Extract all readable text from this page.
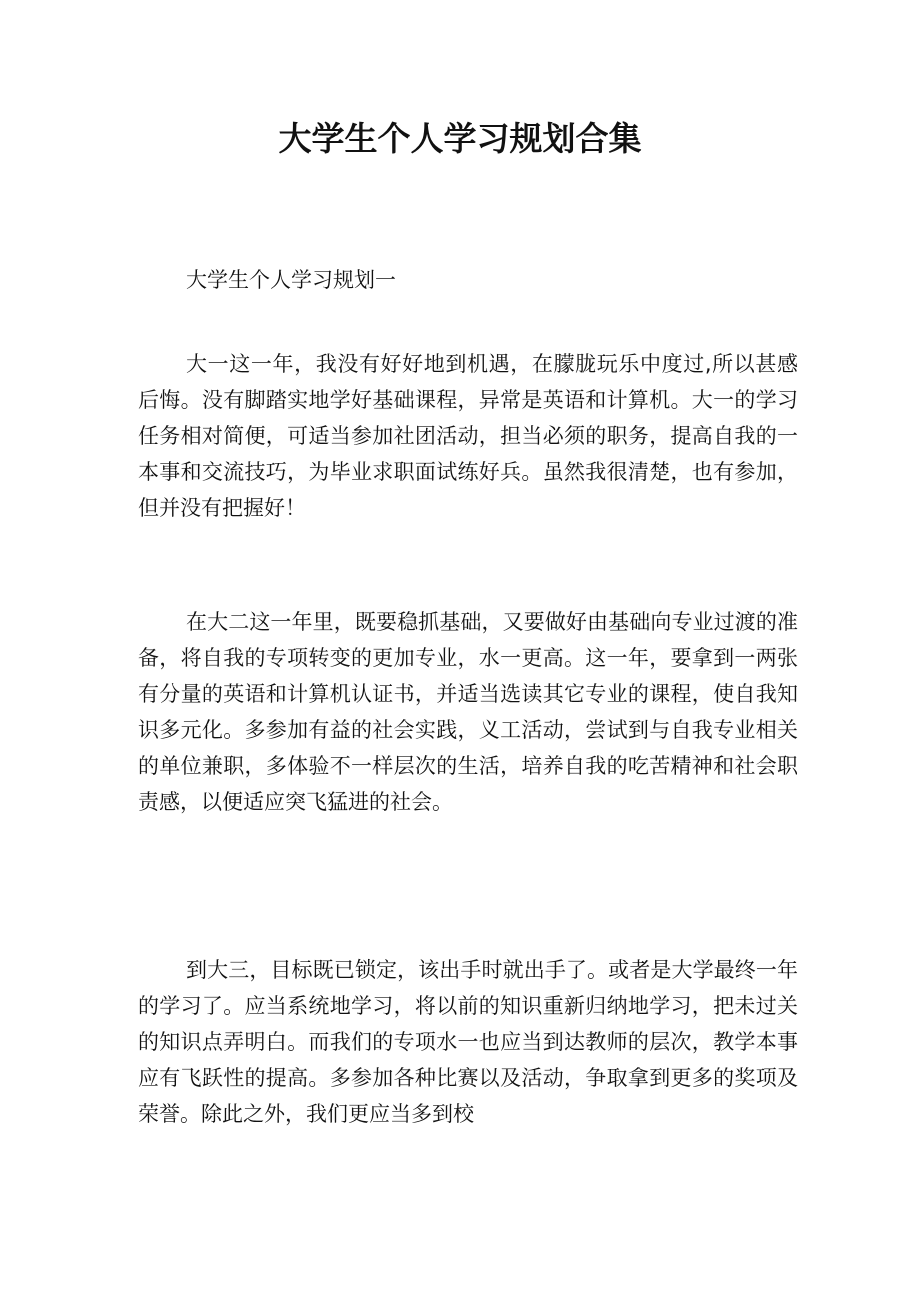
大学生个人学习规划合集

大学生个人学习规划一

大一这一年，我没有好好地到机遇，在朦胧玩乐中度过,所以甚感后悔。没有脚踏实地学好基础课程，异常是英语和计算机。大一的学习任务相对简便，可适当参加社团活动，担当必须的职务，提高自我的一本事和交流技巧，为毕业求职面试练好兵。虽然我很清楚，也有参加，但并没有把握好！

在大二这一年里，既要稳抓基础，又要做好由基础向专业过渡的准备，将自我的专项转变的更加专业，水一更高。这一年，要拿到一两张有分量的英语和计算机认证书，并适当选读其它专业的课程，使自我知识多元化。多参加有益的社会实践，义工活动，尝试到与自我专业相关的单位兼职，多体验不一样层次的生活，培养自我的吃苦精神和社会职责感，以便适应突飞猛进的社会。

到大三，目标既已锁定，该出手时就出手了。或者是大学最终一年的学习了。应当系统地学习，将以前的知识重新归纳地学习，把未过关的知识点弄明白。而我们的专项水一也应当到达教师的层次，教学本事应有飞跃性的提高。多参加各种比赛以及活动，争取拿到更多的奖项及荣誉。除此之外，我们更应当多到校
